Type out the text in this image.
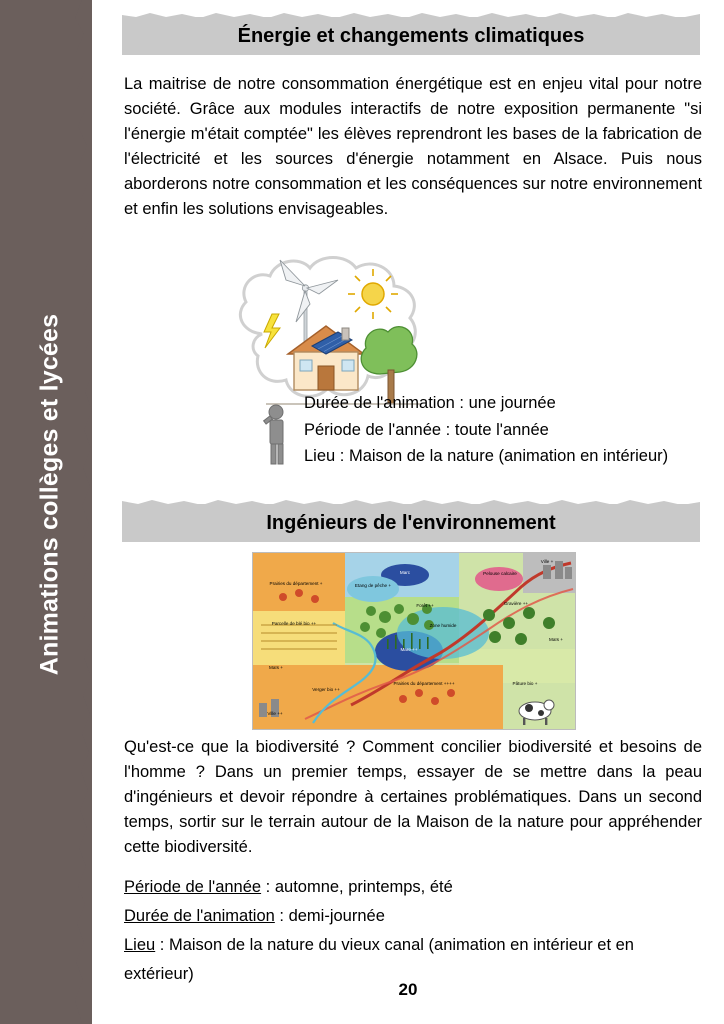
Animations collèges et lycées
Énergie et changements climatiques
La maitrise de notre consommation énergétique est en enjeu vital pour notre société. Grâce aux modules interactifs de notre exposition permanente "si l'énergie m'était comptée" les élèves reprendront les bases de la fabrication de l'électricité et les sources d'énergie notamment en Alsace. Puis nous aborderons notre consommation et les conséquences sur notre environnement et enfin les solutions envisageables.
Durée de l'animation : une journée
Période de l'année : toute l'année
Lieu : Maison de la nature (animation en intérieur)
Ingénieurs de l'environnement
Ville +
Marc	Pelouse calcaire
Prairies du département +	Etang de pêche +
Forêt ++	Gravière ++
Maïs +
Parcelle de blé bio ++	Zone humide
Mare ++
Maïs +
Verger bio ++
Prairies du département ++++	Pâture bio +
Ville ++
Qu'est-ce que la biodiversité ? Comment concilier biodiversité et besoins de l'homme ? Dans un premier temps, essayer de se mettre dans la peau d'ingénieurs et devoir répondre à certaines problématiques. Dans un second temps, sortir sur le terrain autour de la Maison de la nature pour appréhender cette biodiversité.
Période de l'année : automne, printemps, été
Durée de l'animation : demi-journée
Lieu : Maison de la nature du vieux canal (animation en intérieur et en extérieur)
20
